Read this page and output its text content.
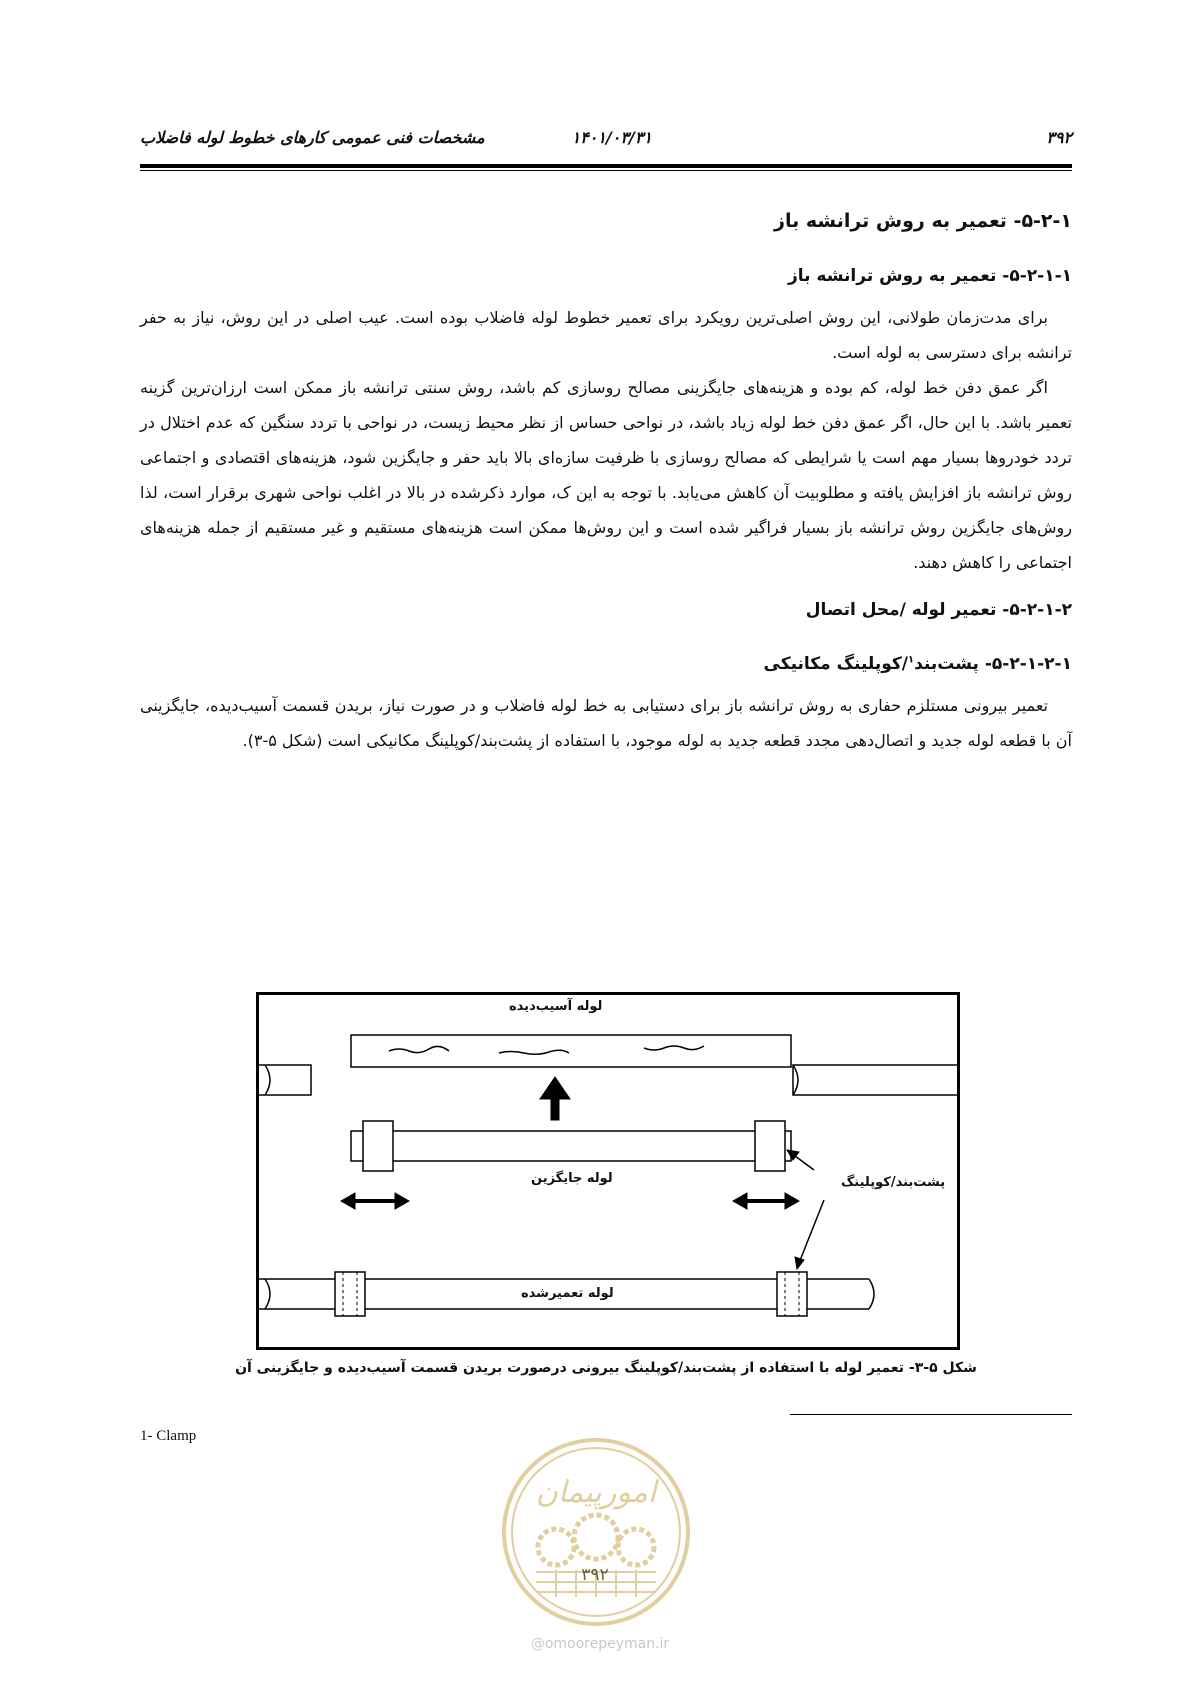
۳۹۲
۱۴۰۱/۰۳/۳۱
مشخصات فنی عمومی کارهای خطوط لوله فاضلاب
۵-۲-۱- تعمیر به روش ترانشه باز
۵-۲-۱-۱- تعمیر به روش ترانشه باز

برای مدت‌زمان طولانی، این روش اصلی‌ترین رویکرد برای تعمیر خطوط لوله فاضلاب بوده است. عیب اصلی در این روش، نیاز به حفر ترانشه برای دسترسی به لوله است.

اگر عمق دفن خط لوله، کم بوده و هزینه‌های جایگزینی مصالح روسازی کم باشد، روش سنتی ترانشه باز ممکن است ارزان‌ترین گزینه تعمیر باشد. با این حال، اگر عمق دفن خط لوله زیاد باشد، در نواحی حساس از نظر محیط زیست، در نواحی با تردد سنگین که عدم اختلال در تردد خودروها بسیار مهم است یا شرایطی که مصالح روسازی با ظرفیت سازه‌ای بالا باید حفر و جایگزین شود، هزینه‌های اقتصادی و اجتماعی روش ترانشه باز افزایش یافته و مطلوبیت آن کاهش می‌یابد. با توجه به این ک، موارد ذکرشده در بالا در اغلب نواحی شهری برقرار است، لذا روش‌های جایگزین روش ترانشه باز بسیار فراگیر شده است و این روش‌ها ممکن است هزینه‌های مستقیم و غیر مستقیم از جمله هزینه‌های اجتماعی را کاهش دهند.

۵-۲-۱-۲- تعمیر لوله /محل اتصال
۵-۲-۱-۲-۱- پشت‌بند$^۱$/کوپلینگ مکانیکی

تعمیر بیرونی مستلزم حفاری به روش ترانشه باز برای دستیابی به خط لوله فاضلاب و در صورت نیاز، بریدن قسمت آسیب‌دیده، جایگزینی آن با قطعه لوله جدید و اتصال‌دهی مجدد قطعه جدید به لوله موجود، با استفاده از پشت‌بند/کوپلینگ مکانیکی است (شکل ۵-۳).

لوله آسیب‌دیده
لوله جایگزین	پشت‌بند/کوپلینگ
لوله تعمیرشده
شکل ۵-۳- تعمیر لوله با استفاده از پشت‌بند/کوپلینگ بیرونی درصورت بریدن قسمت آسیب‌دیده و جایگزینی آن
1- Clamp
امورپیمان
۳۹۲
@omoorepeyman.ir
